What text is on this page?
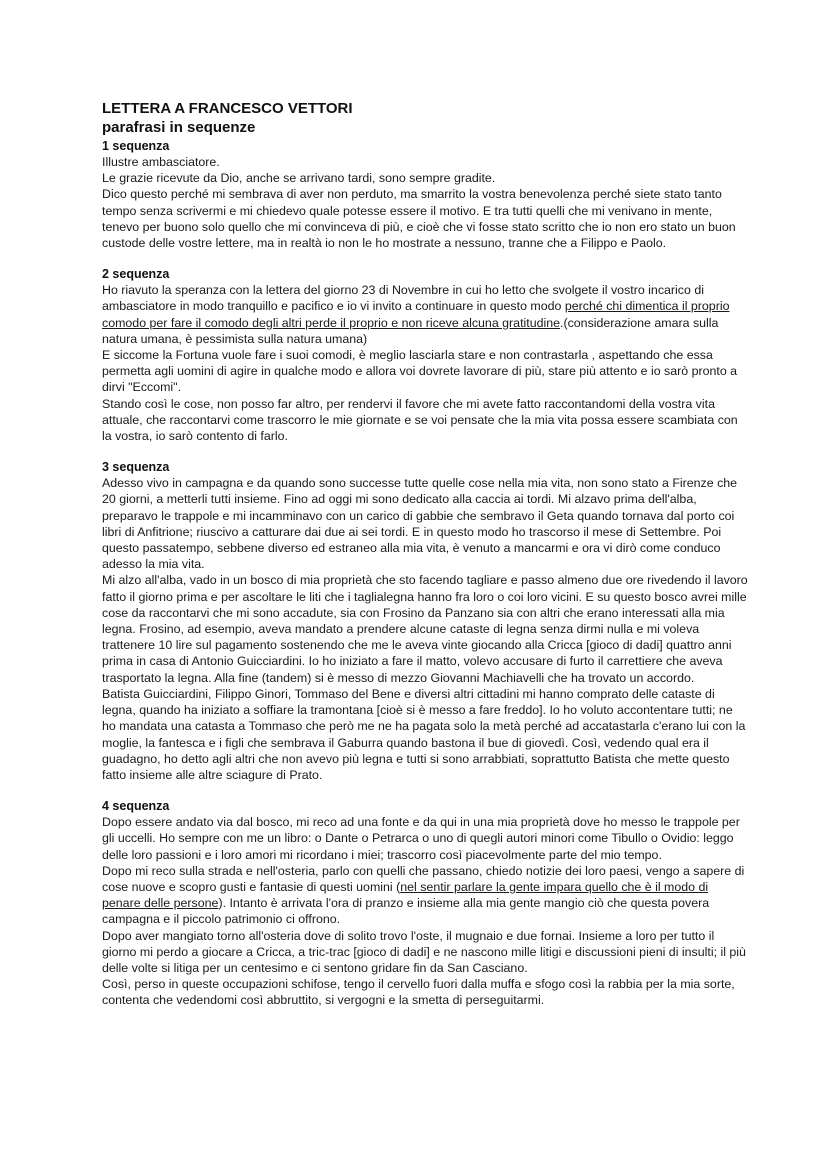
LETTERA A FRANCESCO VETTORI
parafrasi in sequenze
1 sequenza

Illustre ambasciatore.

Le grazie ricevute da Dio, anche se arrivano tardi, sono sempre gradite.

Dico questo perché mi sembrava di aver non perduto, ma smarrito la vostra benevolenza perché siete stato tanto tempo senza scrivermi e mi chiedevo quale potesse essere il motivo. E tra tutti quelli che mi venivano in mente, tenevo per buono solo quello che mi convinceva di più, e cioè che vi fosse stato scritto che io non ero stato un buon custode delle vostre lettere, ma in realtà io non le ho mostrate a nessuno, tranne che a Filippo e Paolo.

2 sequenza

Ho riavuto la speranza con la lettera del giorno 23 di Novembre in cui ho letto che svolgete il vostro incarico di ambasciatore in modo tranquillo e pacifico e io vi invito a continuare in questo modo perché chi dimentica il proprio comodo per fare il comodo degli altri perde il proprio e non riceve alcuna gratitudine.(considerazione amara sulla natura umana, è pessimista sulla natura umana)

E siccome la Fortuna vuole fare i suoi comodi, è meglio lasciarla stare e non contrastarla , aspettando che essa permetta agli uomini di agire in qualche modo e allora voi dovrete lavorare di più, stare più attento e io sarò pronto a dirvi "Eccomi".

Stando così le cose, non posso far altro, per rendervi il favore che mi avete fatto raccontandomi della vostra vita attuale, che raccontarvi come trascorro le mie giornate e se voi pensate che la mia vita possa essere scambiata con la vostra, io sarò contento di farlo.

3 sequenza

Adesso vivo in campagna e da quando sono successe tutte quelle cose nella mia vita, non sono stato a Firenze che 20 giorni, a metterli tutti insieme. Fino ad oggi mi sono dedicato alla caccia ai tordi. Mi alzavo prima dell'alba, preparavo le trappole e mi incamminavo con un carico di gabbie che sembravo il Geta quando tornava dal porto coi libri di Anfitrione; riuscivo a catturare dai due ai sei tordi. E in questo modo ho trascorso il mese di Settembre. Poi questo passatempo, sebbene diverso ed estraneo alla mia vita, è venuto a mancarmi e ora vi dirò come conduco adesso la mia vita.

Mi alzo all'alba, vado in un bosco di mia proprietà che sto facendo tagliare e passo almeno due ore rivedendo il lavoro fatto il giorno prima e per ascoltare le liti che i taglialegna hanno fra loro o coi loro vicini. E su questo bosco avrei mille cose da raccontarvi che mi sono accadute, sia con Frosino da Panzano sia con altri che erano interessati alla mia legna. Frosino, ad esempio, aveva mandato a prendere alcune cataste di legna senza dirmi nulla e mi voleva trattenere 10 lire sul pagamento sostenendo che me le aveva vinte giocando alla Cricca [gioco di dadi] quattro anni prima in casa di Antonio Guicciardini. Io ho iniziato a fare il matto, volevo accusare di furto il carrettiere che aveva trasportato la legna. Alla fine (tandem) si è messo di mezzo Giovanni Machiavelli che ha trovato un accordo.

Batista Guicciardini, Filippo Ginori, Tommaso del Bene e diversi altri cittadini mi hanno comprato delle cataste di legna, quando ha iniziato a soffiare la tramontana [cioè si è messo a fare freddo]. Io ho voluto accontentare tutti; ne ho mandata una catasta a Tommaso che però me ne ha pagata solo la metà perché ad accatastarla c'erano lui con la moglie, la fantesca e i figli che sembrava il Gaburra quando bastona il bue di giovedì. Così, vedendo qual era il guadagno, ho detto agli altri che non avevo più legna e tutti si sono arrabbiati, soprattutto Batista che mette questo fatto insieme alle altre sciagure di Prato.

4 sequenza

Dopo essere andato via dal bosco, mi reco ad una fonte e da qui in una mia proprietà dove ho messo le trappole per gli uccelli. Ho sempre con me un libro: o Dante o Petrarca o uno di quegli autori minori come Tibullo o Ovidio: leggo delle loro passioni e i loro amori mi ricordano i miei; trascorro così piacevolmente parte del mio tempo.

Dopo mi reco sulla strada e nell'osteria, parlo con quelli che passano, chiedo notizie dei loro paesi, vengo a sapere di cose nuove e scopro gusti e fantasie di questi uomini (nel sentir parlare la gente impara quello che è il modo di penare delle persone). Intanto è arrivata l'ora di pranzo e insieme alla mia gente mangio ciò che questa povera campagna e il piccolo patrimonio ci offrono.

Dopo aver mangiato torno all'osteria dove di solito trovo l'oste, il mugnaio e due fornai. Insieme a loro per tutto il giorno mi perdo a giocare a Cricca, a tric-trac [gioco di dadi] e ne nascono mille litigi e discussioni pieni di insulti; il più delle volte si litiga per un centesimo e ci sentono gridare fin da San Casciano.

Così, perso in queste occupazioni schifose, tengo il cervello fuori dalla muffa e sfogo così la rabbia per la mia sorte, contenta che vedendomi così abbruttito, si vergogni e la smetta di perseguitarmi.
